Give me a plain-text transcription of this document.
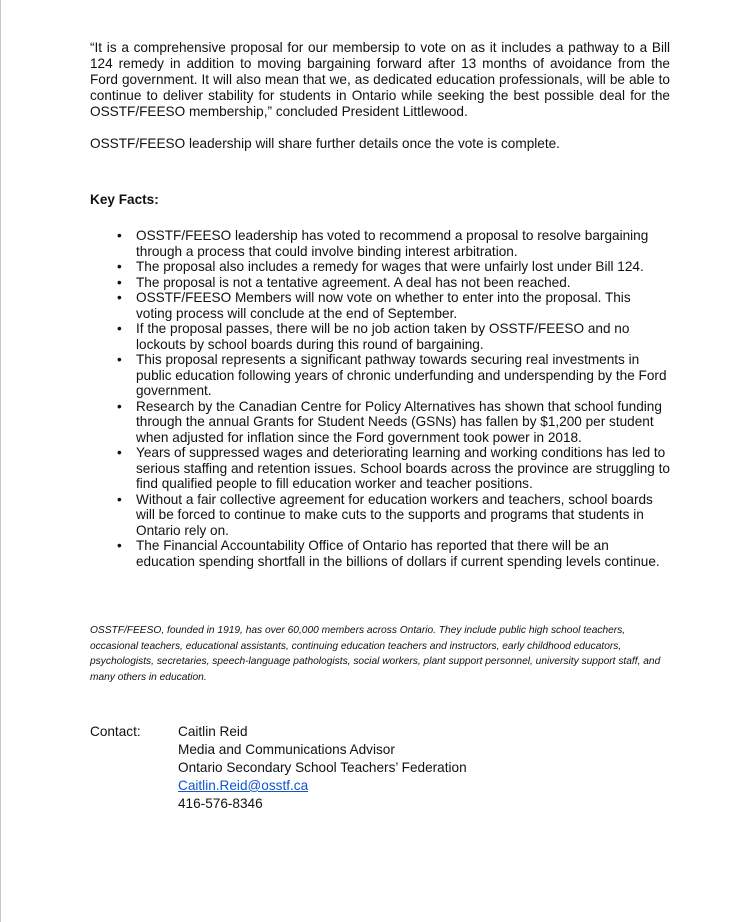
“It is a comprehensive proposal for our membersip to vote on as it includes a pathway to a Bill 124 remedy in addition to moving bargaining forward after 13 months of avoidance from the Ford government. It will also mean that we, as dedicated education professionals, will be able to continue to deliver stability for students in Ontario while seeking the best possible deal for the OSSTF/FEESO membership,” concluded President Littlewood.

OSSTF/FEESO leadership will share further details once the vote is complete.

Key Facts:
• OSSTF/FEESO leadership has voted to recommend a proposal to resolve bargaining through a process that could involve binding interest arbitration.
• The proposal also includes a remedy for wages that were unfairly lost under Bill 124.
• The proposal is not a tentative agreement. A deal has not been reached.
• OSSTF/FEESO Members will now vote on whether to enter into the proposal. This voting process will conclude at the end of September.
• If the proposal passes, there will be no job action taken by OSSTF/FEESO and no lockouts by school boards during this round of bargaining.
• This proposal represents a significant pathway towards securing real investments in public education following years of chronic underfunding and underspending by the Ford government.
• Research by the Canadian Centre for Policy Alternatives has shown that school funding through the annual Grants for Student Needs (GSNs) has fallen by $1,200 per student when adjusted for inflation since the Ford government took power in 2018.
• Years of suppressed wages and deteriorating learning and working conditions has led to serious staffing and retention issues. School boards across the province are struggling to find qualified people to fill education worker and teacher positions.
• Without a fair collective agreement for education workers and teachers, school boards will be forced to continue to make cuts to the supports and programs that students in Ontario rely on.
• The Financial Accountability Office of Ontario has reported that there will be an education spending shortfall in the billions of dollars if current spending levels continue.

OSSTF/FEESO, founded in 1919, has over 60,000 members across Ontario. They include public high school teachers, occasional teachers, educational assistants, continuing education teachers and instructors, early childhood educators, psychologists, secretaries, speech-language pathologists, social workers, plant support personnel, university support staff, and many others in education.

Contact:	Caitlin Reid
Media and Communications Advisor
Ontario Secondary School Teachers’ Federation
Caitlin.Reid@osstf.ca
416-576-8346
